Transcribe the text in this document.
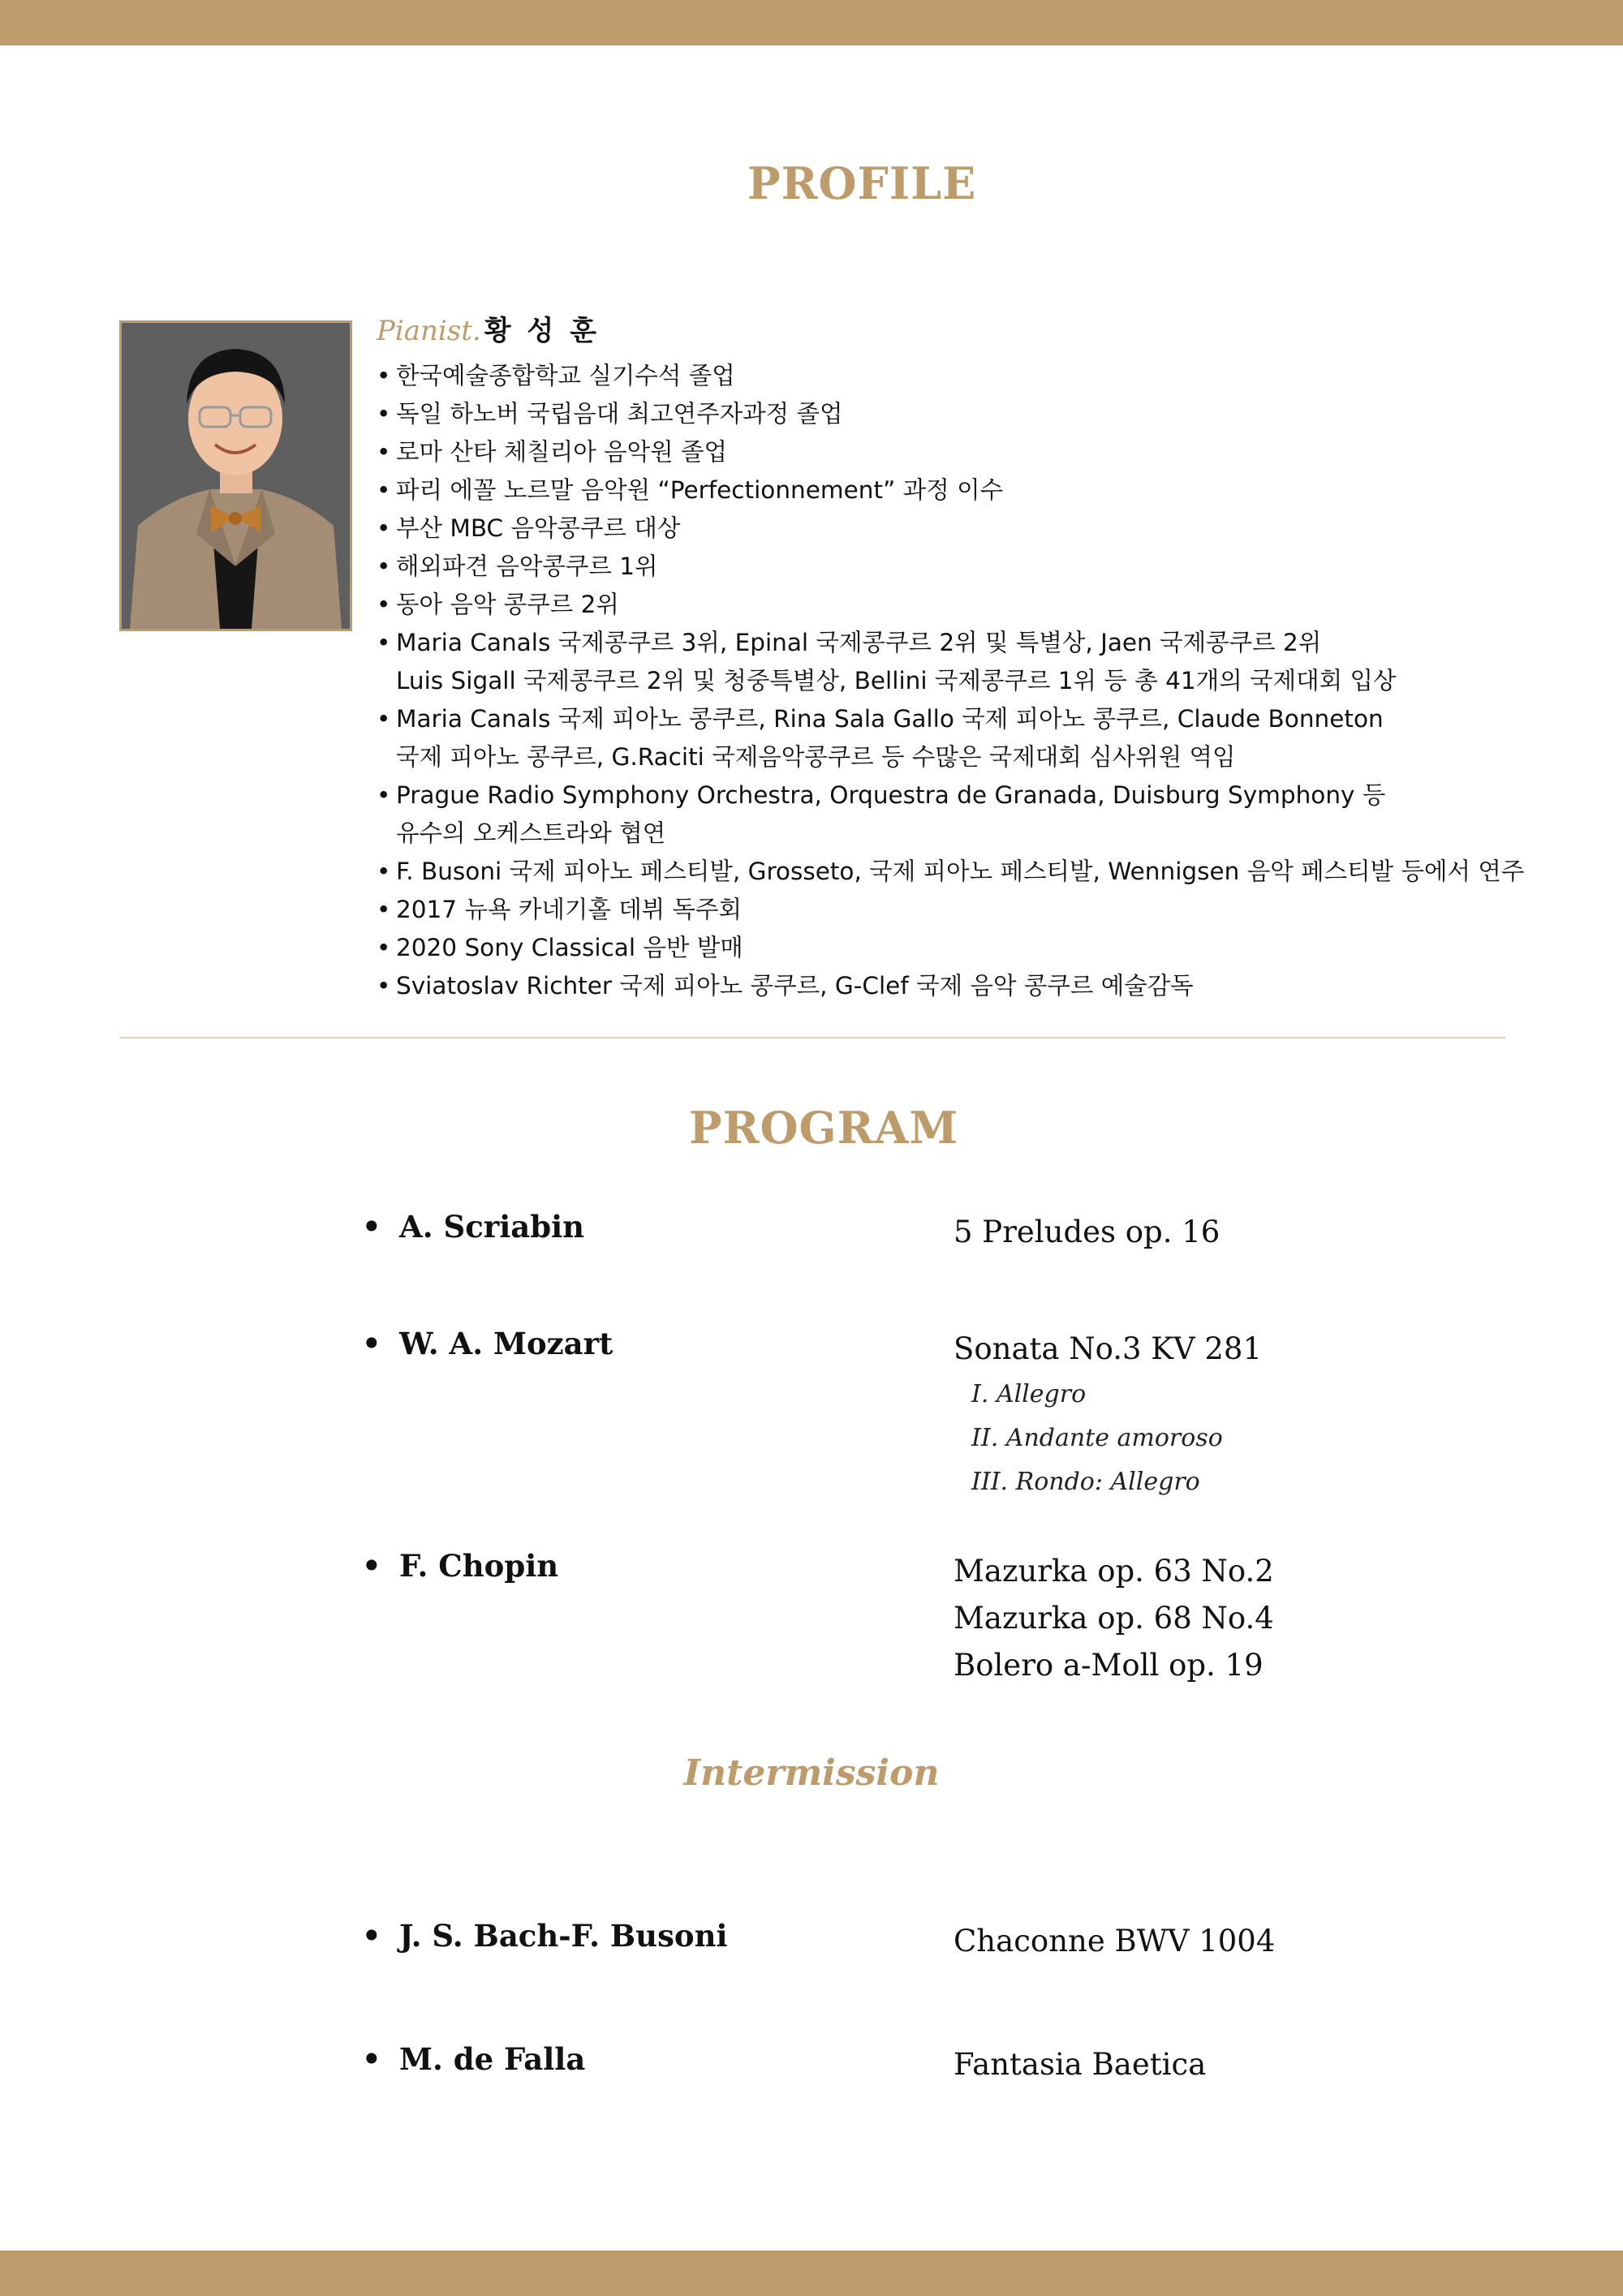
PROFILE
Pianist. 황 성 훈
• 한국예술종합학교 실기수석 졸업
• 독일 하노버 국립음대 최고연주자과정 졸업
• 로마 산타 체칠리아 음악원 졸업
• 파리 에꼴 노르말 음악원 “Perfectionnement” 과정 이수
• 부산 MBC 음악콩쿠르 대상
• 해외파견 음악콩쿠르 1위
• 동아 음악 콩쿠르 2위
• Maria Canals 국제콩쿠르 3위, Epinal 국제콩쿠르 2위 및 특별상, Jaen 국제콩쿠르 2위
Luis Sigall 국제콩쿠르 2위 및 청중특별상, Bellini 국제콩쿠르 1위 등 총 41개의 국제대회 입상
• Maria Canals 국제 피아노 콩쿠르, Rina Sala Gallo 국제 피아노 콩쿠르, Claude Bonneton
국제 피아노 콩쿠르, G.Raciti 국제음악콩쿠르 등 수많은 국제대회 심사위원 역임
• Prague Radio Symphony Orchestra, Orquestra de Granada, Duisburg Symphony 등
유수의 오케스트라와 협연
• F. Busoni 국제 피아노 페스티발, Grosseto, 국제 피아노 페스티발, Wennigsen 음악 페스티발 등에서 연주
• 2017 뉴욕 카네기홀 데뷔 독주회
• 2020 Sony Classical 음반 발매
• Sviatoslav Richter 국제 피아노 콩쿠르, G-Clef 국제 음악 콩쿠르 예술감독
PROGRAM
• A. Scriabin	5 Preludes op. 16
• W. A. Mozart	Sonata No.3 KV 281
I. Allegro
II. Andante amoroso
III. Rondo: Allegro
• F. Chopin	Mazurka op. 63 No.2
Mazurka op. 68 No.4
Bolero a-Moll op. 19
Intermission
• J. S. Bach-F. Busoni	Chaconne BWV 1004
• M. de Falla	Fantasia Baetica
